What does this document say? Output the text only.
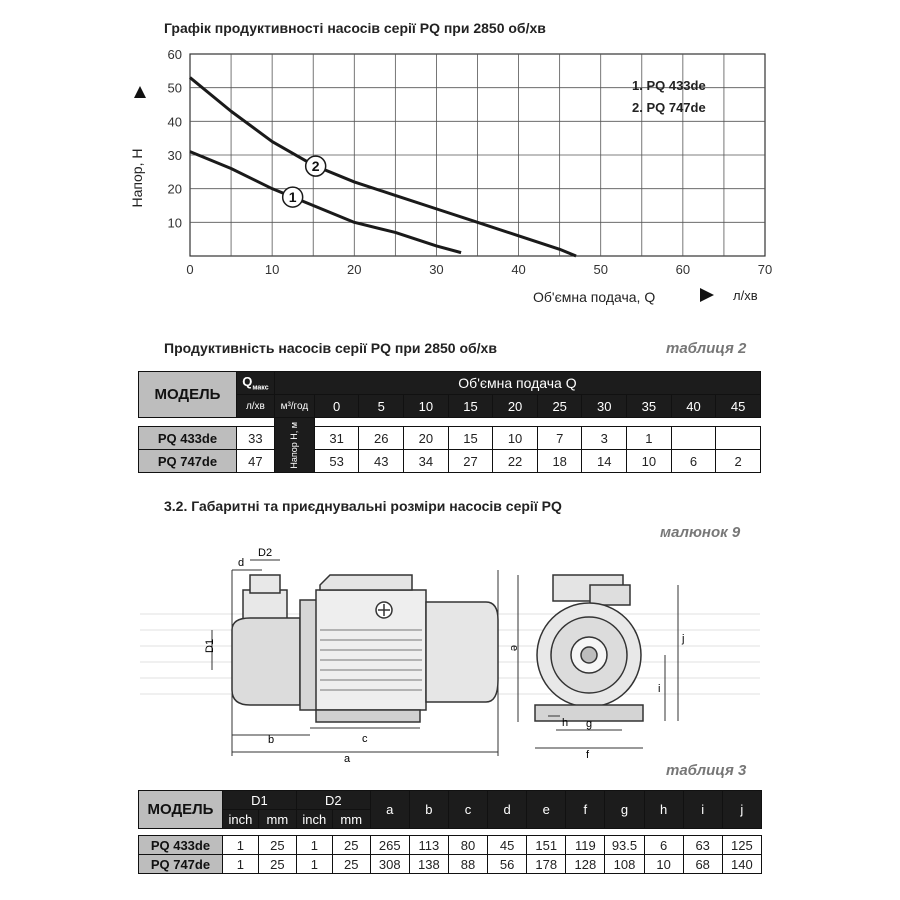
Графік продуктивності насосів серії PQ при 2850 об/хв
0	10	20	30	40	50	60	70
10
20
30
40
50
60
1
2
Напор, Н
Об'ємна подача, Q	л/хв
1. PQ 433de
2. PQ 747de
Продуктивність насосів серії PQ при 2850 об/хв	таблиця 2
МОДЕЛЬ	$Q_{макс}$	Об'ємна подача Q										
	л/хв	м³/год	0	5	10	15	20	25	30	35	40	45

		Напор Н, м										

PQ 433de	33		31	26	20	15	10	7	3	1		
PQ 747de	47		53	43	34	27	22	18	14	10	6	2
3.2. Габаритні та приєднувальні розміри насосів серії PQ
малюнок 9
D2
d
D1
b	c
a
e
g
f
h
i
j
таблиця 3
МОДЕЛЬ	D1		D2		a	b	c	d	e	f	g	h	i	j
	inch	mm	inch	mm										

PQ 433de	1	25	1	25	265	113	80	45	151	119	93.5	6	63	125
PQ 747de	1	25	1	25	308	138	88	56	178	128	108	10	68	140
